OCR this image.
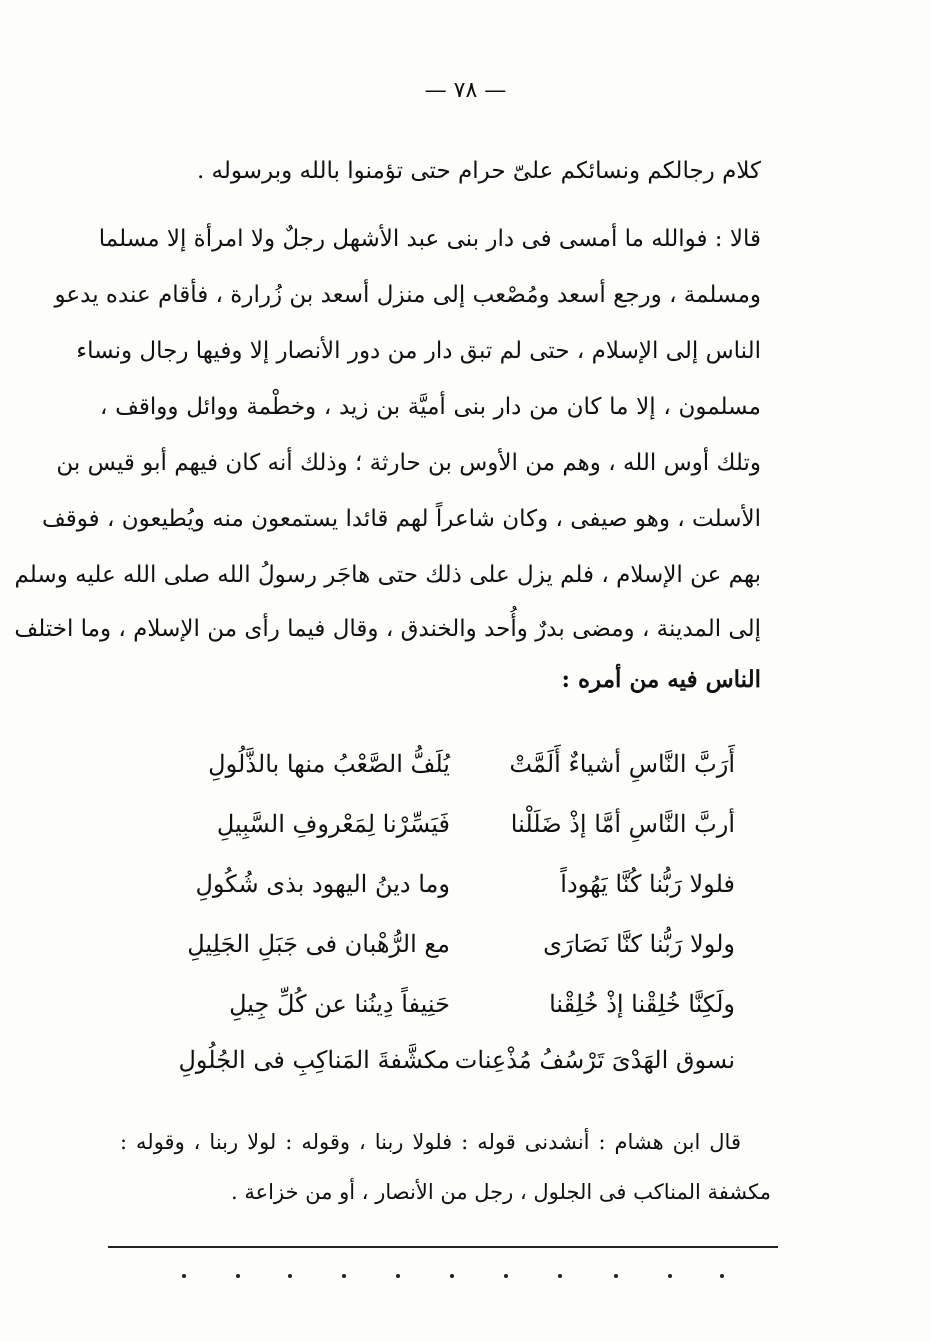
— ٧٨ —
كلام رجالكم ونسائكم علىّ حرام حتى تؤمنوا بالله وبرسوله .
قالا : فوالله ما أمسى فى دار بنى عبد الأشهل رجلٌ ولا امرأة إلا مسلما
ومسلمة ، ورجع أسعد ومُصْعب إلى منزل أسعد بن زُرارة ، فأقام عنده يدعو
الناس إلى الإسلام ، حتى لم تبق دار من دور الأنصار إلا وفيها رجال ونساء
مسلمون ، إلا ما كان من دار بنى أميَّة بن زيد ، وخطْمة ووائل وواقف ،
وتلك أوس الله ، وهم من الأوس بن حارثة ؛ وذلك أنه كان فيهم أبو قيس بن
الأسلت ، وهو صيفى ، وكان شاعراً لهم قائدا يستمعون منه ويُطيعون ، فوقف
بهم عن الإسلام ، فلم يزل على ذلك حتى هاجَر رسولُ الله صلى الله عليه وسلم
إلى المدينة ، ومضى بدرٌ وأُحد والخندق ، وقال فيما رأى من الإسلام ، وما اختلف
الناس فيه من أمره :
أَرَبَّ النَّاسِ أشياءٌ أَلَمَّتْ
يُلَفُّ الصَّعْبُ منها بالذَّلُولِ
أربَّ النَّاسِ أمَّا إذْ ضَلَلْنا
فَيَسِّرْنا لِمَعْروفِ السَّبِيلِ
فلولا رَبُّنا كُنَّا يَهُوداً
وما دينُ اليهود بذى شُكُولِ
ولولا رَبُّنا كنَّا نَصَارَى
مع الرُّهْبان فى جَبَلِ الجَلِيلِ
ولَكِنَّا خُلِقْنا إذْ خُلِقْنا
حَنِيفاً دِينُنا عن كُلِّ جِيلِ
نسوق الهَدْىَ تَرْسُفُ مُذْعِنات
مكشَّفةَ المَناكِبِ فى الجُلُولِ
قال ابن هشام : أنشدنى قوله : فلولا ربنا ، وقوله : لولا ربنا ، وقوله :
مكشفة المناكب فى الجلول ، رجل من الأنصار ، أو من خزاعة .
